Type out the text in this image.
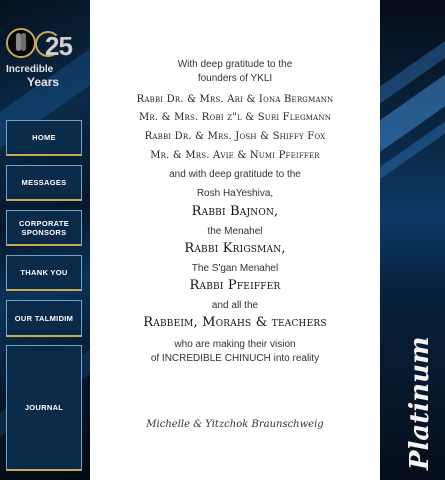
25
Incredible
Years
HOME
MESSAGES
CORPORATE
SPONSORS
THANK YOU
OUR TALMIDIM
JOURNAL
With deep gratitude to the
founders of YKLI
Rabbi Dr. & Mrs. Ari & Iona Bergmann
Mr. & Mrs. Robi z"l & Suri Flegmann
Rabbi Dr. & Mrs. Josh & Shiffy Fox
Mr. & Mrs. Avie & Numi Pfeiffer
and with deep gratitude to the
Rosh HaYeshiva,
Rabbi Bajnon,
the Menahel
Rabbi Krigsman,
The S'gan Menahel
Rabbi Pfeiffer
and all the
Rabbeim, Morahs & teachers
who are making their vision
of INCREDIBLE CHINUCH into reality
Michelle & Yitzchok Braunschweig	Platinum
